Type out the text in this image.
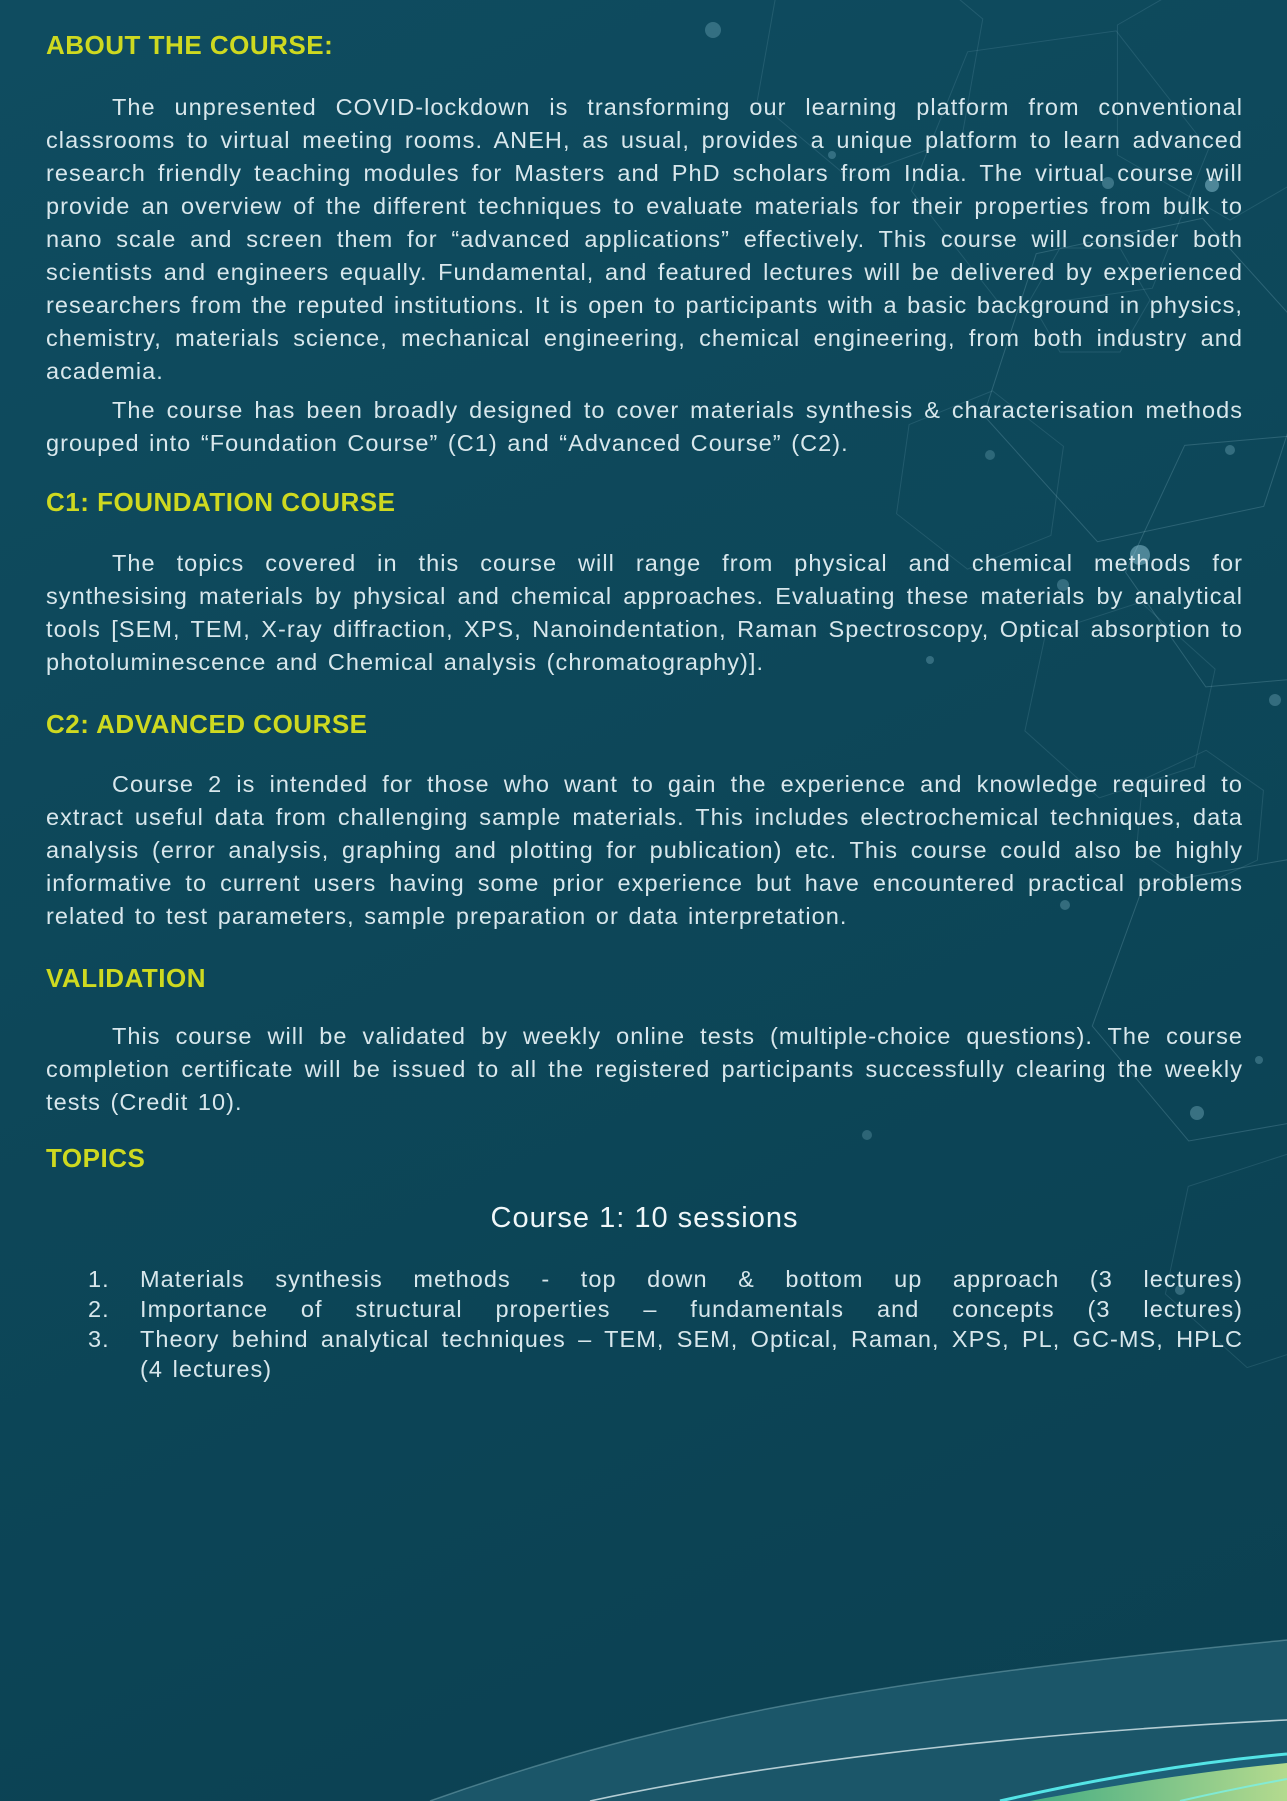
ABOUT THE COURSE:

The unpresented COVID-lockdown is transforming our learning platform from conventional classrooms to virtual meeting rooms. ANEH, as usual, provides a unique platform to learn advanced research friendly teaching modules for Masters and PhD scholars from India. The virtual course will provide an overview of the different techniques to evaluate materials for their properties from bulk to nano scale and screen them for “advanced applications” effectively. This course will consider both scientists and engineers equally. Fundamental, and featured lectures will be delivered by experienced researchers from the reputed institutions. It is open to participants with a basic background in physics, chemistry, materials science, mechanical engineering, chemical engineering, from both industry and academia.

The course has been broadly designed to cover materials synthesis & characterisation methods grouped into “Foundation Course” (C1) and “Advanced Course” (C2).

C1: FOUNDATION COURSE

The topics covered in this course will range from physical and chemical methods for synthesising materials by physical and chemical approaches. Evaluating these materials by analytical tools [SEM, TEM, X-ray diffraction, XPS, Nanoindentation, Raman Spectroscopy, Optical absorption to photoluminescence and Chemical analysis (chromatography)].

C2: ADVANCED COURSE

Course 2 is intended for those who want to gain the experience and knowledge required to extract useful data from challenging sample materials. This includes electrochemical techniques, data analysis (error analysis, graphing and plotting for publication) etc. This course could also be highly informative to current users having some prior experience but have encountered practical problems related to test parameters, sample preparation or data interpretation.

VALIDATION

This course will be validated by weekly online tests (multiple-choice questions). The course completion certificate will be issued to all the registered participants successfully clearing the weekly tests (Credit 10).

TOPICS
Course 1: 10 sessions
1.	Materials synthesis methods - top down & bottom up approach (3 lectures)
2.	Importance of structural properties – fundamentals and concepts (3 lectures)
3.	Theory behind analytical techniques – TEM, SEM, Optical, Raman, XPS, PL, GC-MS, HPLC (4 lectures)
